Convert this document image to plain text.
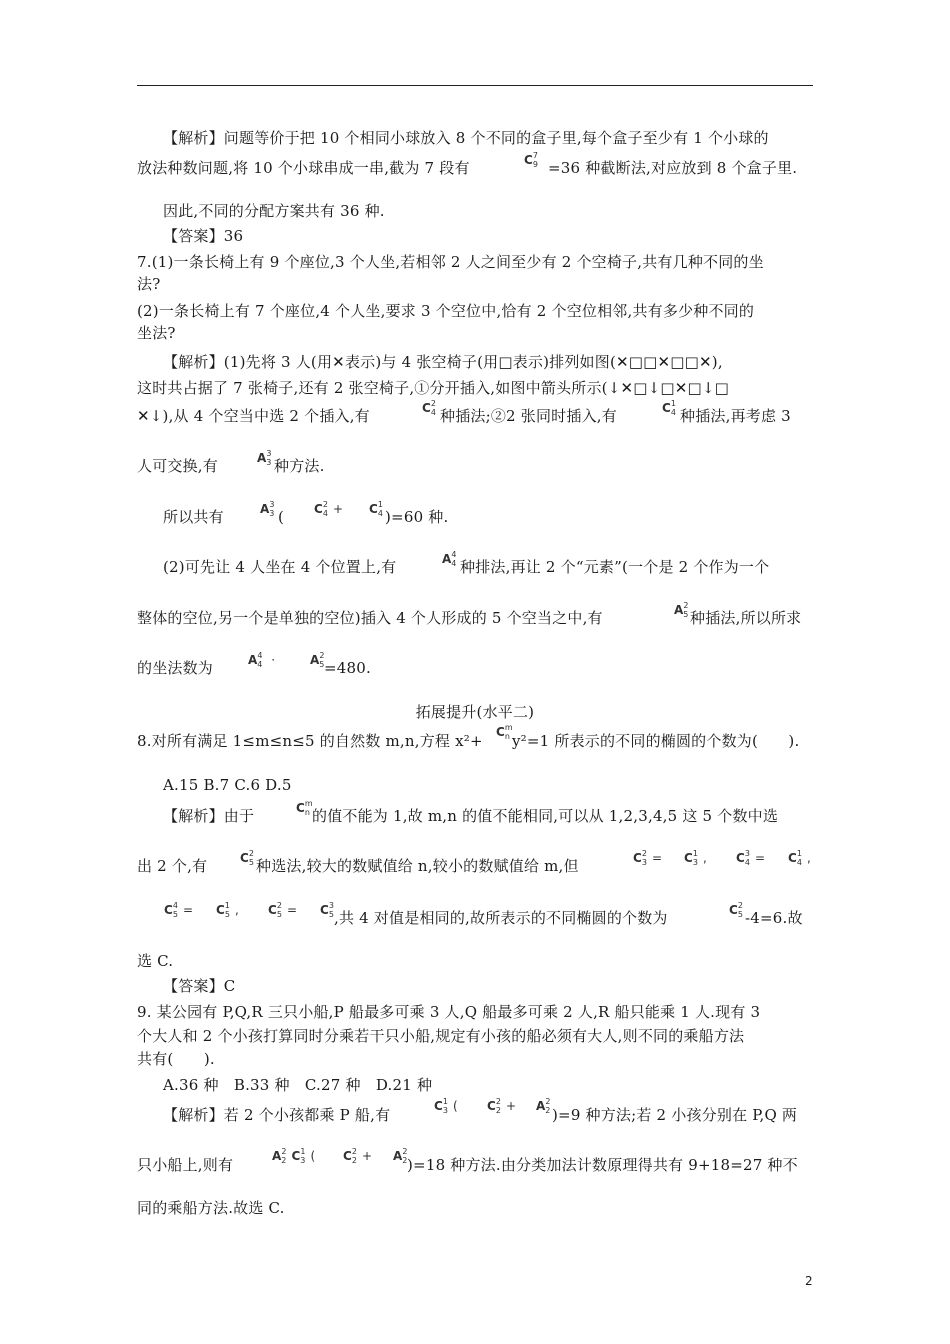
【解析】问题等价于把 10 个相同小球放入 8 个不同的盒子里,每个盒子至少有 1 个小球的
放法种数问题,将 10 个小球串成一串,截为 7 段有	$C_9^7$
=36 种截断法,对应放到 8 个盒子里.
因此,不同的分配方案共有 36 种.
【答案】36
7.(1)一条长椅上有 9 个座位,3 个人坐,若相邻 2 人之间至少有 2 个空椅子,共有几种不同的坐
法?
(2)一条长椅上有 7 个座位,4 个人坐,要求 3 个空位中,恰有 2 个空位相邻,共有多少种不同的
坐法?
【解析】(1)先将 3 人(用✕表示)与 4 张空椅子(用□表示)排列如图(✕□□✕□□✕),
这时共占据了 7 张椅子,还有 2 张空椅子,①分开插入,如图中箭头所示(↓✕□↓□✕□↓□
✕↓),从 4 个空当中选 2 个插入,有	$C_4^2$
种插法;②2 张同时插入,有	$C_4^1$
种插法,再考虑 3
人可交换,有	$A_3^3$
种方法.
所以共有	$A_3^3$
( $C_4^2 + C_4^1$
)=60 种.
(2)可先让 4 人坐在 4 个位置上,有	$A_4^4$
种排法,再让 2 个“元素”(一个是 2 个作为一个
整体的空位,另一个是单独的空位)插入 4 个人形成的 5 个空当之中,有	$A_5^2$
种插法,所以所求
的坐法数为	$A_4^4$ ·	$A_5^2$
=480.
拓展提升(水平二)
8.对所有满足 1≤m≤n≤5 的自然数 m,n,方程 $x^2+ C_n^m$
y²=1 所表示的不同的椭圆的个数为(　　).
A.15 B.7 C.6 D.5
【解析】由于	$C_n^m$
的值不能为 1,故 m,n 的值不能相同,可以从 1,2,3,4,5 这 5 个数中选
出 2 个,有	$C_5^2$
种选法,较大的数赋值给 n,较小的数赋值给 m,但	$C_3^2 = C_3^1$ , $C_4^3 = C_4^1$ ,
$C_5^4 = C_5^1$ , $C_5^2 = C_5^3$
,共 4 对值是相同的,故所表示的不同椭圆的个数为	$C_5^2$
-4=6.故
选 C.
【答案】C
9. 某公园有 P,Q,R 三只小船,P 船最多可乘 3 人,Q 船最多可乘 2 人,R 船只能乘 1 人.现有 3
个大人和 2 个小孩打算同时分乘若干只小船,规定有小孩的船必须有大人,则不同的乘船方法
共有(　　).
A.36 种　B.33 种　C.27 种　D.21 种
【解析】若 2 个小孩都乘 P 船,有	$C_3^1$ ( $C_2^2 + A_2^2$
)=9 种方法;若 2 小孩分别在 P,Q 两
只小船上,则有	$A_2^2$ $C_3^1$ ( $C_2^2 + A_2^2$
)=18 种方法.由分类加法计数原理得共有 9+18=27 种不
同的乘船方法.故选 C.
2
